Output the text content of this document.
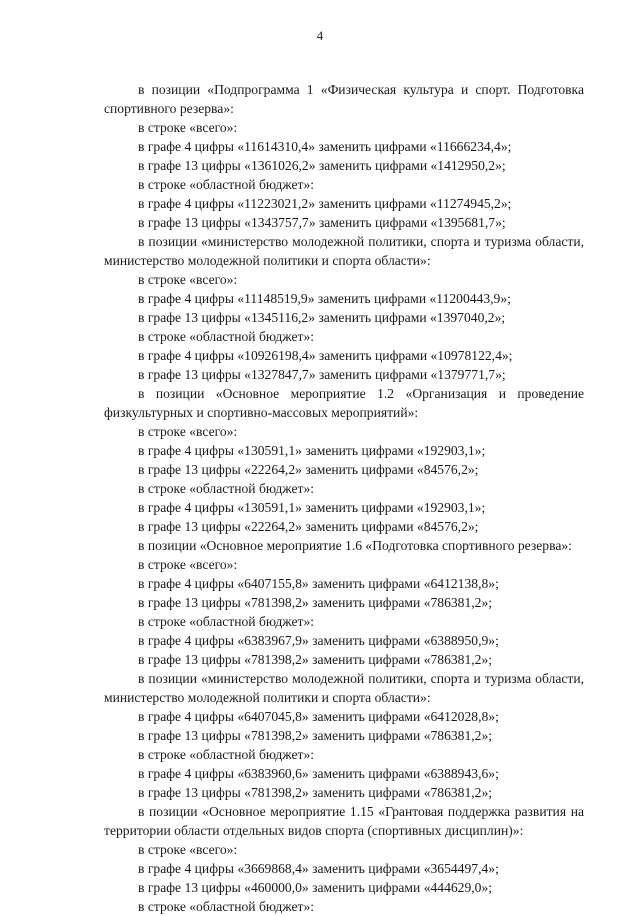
4

в позиции «Подпрограмма 1 «Физическая культура и спорт. Подготовка спортивного резерва»:

в строке «всего»:

в графе 4 цифры «11614310,4» заменить цифрами «11666234,4»;

в графе 13 цифры «1361026,2» заменить цифрами «1412950,2»;

в строке «областной бюджет»:

в графе 4 цифры «11223021,2» заменить цифрами «11274945,2»;

в графе 13 цифры «1343757,7» заменить цифрами «1395681,7»;

в позиции «министерство молодежной политики, спорта и туризма области, министерство молодежной политики и спорта области»:

в строке «всего»:

в графе 4 цифры «11148519,9» заменить цифрами «11200443,9»;

в графе 13 цифры «1345116,2» заменить цифрами «1397040,2»;

в строке «областной бюджет»:

в графе 4 цифры «10926198,4» заменить цифрами «10978122,4»;

в графе 13 цифры «1327847,7» заменить цифрами «1379771,7»;

в позиции «Основное мероприятие 1.2 «Организация и проведение физкультурных и спортивно-массовых мероприятий»:

в строке «всего»:

в графе 4 цифры «130591,1» заменить цифрами «192903,1»;

в графе 13 цифры «22264,2» заменить цифрами «84576,2»;

в строке «областной бюджет»:

в графе 4 цифры «130591,1» заменить цифрами «192903,1»;

в графе 13 цифры «22264,2» заменить цифрами «84576,2»;

в позиции «Основное мероприятие 1.6 «Подготовка спортивного резерва»:

в строке «всего»:

в графе 4 цифры «6407155,8» заменить цифрами «6412138,8»;

в графе 13 цифры «781398,2» заменить цифрами «786381,2»;

в строке «областной бюджет»:

в графе 4 цифры «6383967,9» заменить цифрами «6388950,9»;

в графе 13 цифры «781398,2» заменить цифрами «786381,2»;

в позиции «министерство молодежной политики, спорта и туризма области, министерство молодежной политики и спорта области»:

в графе 4 цифры «6407045,8» заменить цифрами «6412028,8»;

в графе 13 цифры «781398,2» заменить цифрами «786381,2»;

в строке «областной бюджет»:

в графе 4 цифры «6383960,6» заменить цифрами «6388943,6»;

в графе 13 цифры «781398,2» заменить цифрами «786381,2»;

в позиции «Основное мероприятие 1.15 «Грантовая поддержка развития на территории области отдельных видов спорта (спортивных дисциплин)»:

в строке «всего»:

в графе 4 цифры «3669868,4» заменить цифрами «3654497,4»;

в графе 13 цифры «460000,0» заменить цифрами «444629,0»;

в строке «областной бюджет»:
